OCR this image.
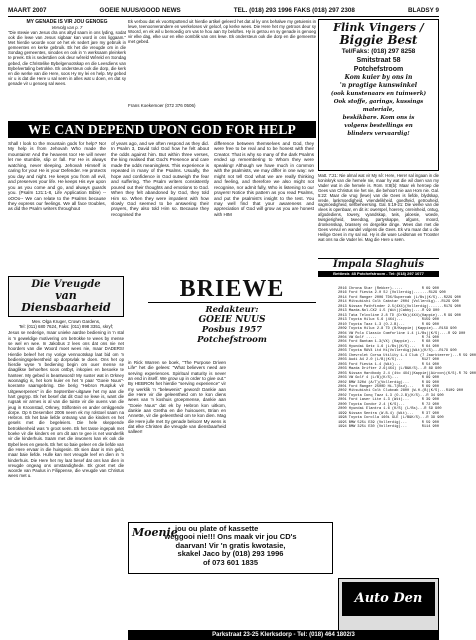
MAART 2007	GOEIE NUUS/GOOD NEWS	TEL. (018) 293 1996 FAKS (018) 297 2308	BLADSY 9
MY GENADE IS VIR JOU GENOEG
Vervolg van p. 7
"Die stewie van Jesus dra ons altyd saam in ons lyding, sodat ook die lewe van Jesus sigbaar kan word in ons liggaam." Met hierdie woorde voor oë het ek sedert jare my gebruik in gemeentes en kerke gebruik. Ek het die vreugde om in die Sondag gemeentes, sinodes en ook in 'n werksaam pleinkerk te preek. Ek is sedertdien ook deur wêreld Wêreld en Sondag gebed, die Christelike Bybelgenootskap en die Leesdiens van Bybelvertaling betrokke. Ek ondersteun ook die dorp, die kerk en die werke van die Here, soos Hy my lei en help. My gebed vir u is dat die Here u sal seën in alles wat u doen, en dat sy genade vir u genoeg sal wees.
Ek verbou dat ek voortsputtend uit hierdie artikel geleerd het dat al ky ons behalwe my getuienis in lewe, teenoorverandere en werkeloses vir geloof, op kerke wees. Die Here het my getroos deur sy Woord, en ek wil u bemoedig om vas te hou aan Sy beloftes. Hy is getrou en sy genade is genoeg vir elke dag, elke uur en elke oomblik van ons lewe. Ek ondersteun ook die dorp en die gemeente met gebed.
Frans Koekemoer (072 376 0506)
Flink Vingers /
Biggie Best
Tel/Faks: (018) 297 8258
Smitstraat 58
Potchefstroom
Kom kuier by ons in
'n pragtige kunswinkel
(ook kunstenaars en tuinwerk)
Ook stoffe, garings, kussings
materiale,
beskikbare. Kom ons is
volgens bestellings en
blinders vervaardig!
WE CAN DEPEND UPON GOD FOR HELP
Shall I look to the mountain gods for help? No! My help is from Jehovah Who made the mountains! And the heavens too! He will never let me stumble, slip or fall. For He is always watching, never sleeping. Jehovah Himself is caring for you! He is your Defender. He protects you day and night. He keeps you from all evil, and preserves your life. He keeps His eye upon you as you come and go, and always guards you. (Psalm 121:1-8, Life Application Bible) --oOOo-- We can relate to the Psalms because they express our feelings. We all face troubles, as did the Psalm writers throughout
of years ago, and we often respond as they did. In Psalm 3, David told God how he felt about the odds against him. But within three verses, the king realised that God's Presence and care made the odds meaningless. This experience is repeated in many of the Psalms. Usually, the hope and confidence in God outweigh the fear and suffering. The Psalm writers consistently poured out their thoughts and emotions to God. When they felt abandoned by God, they told Him so. When they were impatient with how slowly God seemed to be answering their prayers, they also told Him so. Because they recognised the
difference between themselves and God, they were free to be real and to be honest with their Creator. That is why so many of the dark Psalms ended up remembering to Whom they were speaking! Although we have much in common with the psalmists, we may differ in one way: we might not tell God what we are really thinking and feeling, and therefore we also might not recognise, nor admit fully, Who is listening to our prayers! Notice this pattern as you read Psalms, and put the psalmist's insight to the test. You may well find that your awareness and appreciation of God will grow as you are honest with HIM
Matt. 7:21: Nie almal wat vir My sê: Here, Here! sal ingaan in die koninkryk van die hemele nie, maar hy wat die wil doen van my Vader wat in die hemele is. Rom. 8:8(b): Maar ek herroep die Gees van Christus nie het nie, die behoort nie aan Hom nie. Gal. 5:22: Maar die vrug (lewe) van die Gees is liefde, blydskap, vrede, lankmoedigheid, vriendelikheid, goedheid, getrouheid, sagmoedigheid, selfbeheersing. Gal. 5:19-21: Die werke van die vlees is openbaar, en dit is: owerspel, hoerery, onreinheid, ontug, afgodediens, towery, vyandskap, twis, jaloesie, woede, twisgierigheid, tweedrag, partyskappe, afguns, moord, dronkenskap, brassery en dergelike dinge. Wees dan met die Gees vervul en wandel volgens die Gees. Ek vra maar dat u die Heilige Gees in my sal vul. Hy is die ware Leidsman en Trooster wat ons na die Vader lei. Mag die Here u seën.
Impala Slaghuis
Bettiestr. 48 Potchefstroom - Tel: (018) 297 1077
Die Vreugde
van Diensbaarheid
Mev. Olga Kruger, Crown Gardens,
Tel: (011) 680 7624, Faks: (011) 898 3351, skryf;
Jesus se nederige, maar unieke aardse bediening in 'n stal is 'n geweldige motivering om betrokke te wees by mense se wel en wee. In Jakobus 2 lees ons dat ons nie net hoorders van die Woord moet wees nie, maar DADERS! Hierdie beleef het my vorige vennootskap laat bid om 'n bedieningsgeleentheid op dorpsvlak te doen. Ons het op hierdie wyse 'n bediening begin om ouer mense se daaglikse behoeftes soos ontbyt, inkopies en besoeke te hanteer. My gebed is beantwoord! My suster wat in Orkney woonagtig is, het kom kuier en het 'n paar "Goeie Nuus"-koerante saamgebring. Die berig "Hebron Ruspluk vir Uitgewerpenes" in die September-uitgawe het my aan die hart gegryp. Ek het besef dat dit God se lewe is, want die rugsak vir armes is al van die tuiste vir die ouens van die jeug in Kroonstad, Orkney, Stilfontein en ander omliggende dorpe. Op 6 Desember 2006 neem ek my rolstoel saam na Hebron. Ek het baie liefde ontvang van die kinders en het gesels met die begeleiers. Die hele skeppende betrokkenheid was 'n groot seën. Ek het tasse ingepak met boeke vir die kinders en om dit aan te gee is net wonderlik vir die kinderhuis. Saam met die inwoners kan ek ook die Bybel lees en gesels. Ek het so baie geleer en die liefde van die Here ervaar in die huisgesin. Ek sien daar is min geld, maar baie liefde. Hulle kan met vreugde leef en dien in 'n kinderhuis. Die Here het my laat besef dat ons kan dien in vreugde ongeag ons omstandighede. Ek groet met die woorde van Paulus in Filippense, die vreugde van Christus wees met u.
in Rick Warren se boek, "The Purpose Driven Life" het die gelees: "What believers need are serving experiences. Spiritual maturity is never an end in itself. We grow up in order to give out." By HEBRON het hierdie "serving experience" vir my werklik 'n "belewenis" geword! Dankie aan die Here vir die geleentheid om te kon diens wees van 'n koshuis groepmense, dankie aan "Goeie Nuus" dat ek by Hebron kon uitkom, dankie aan Gretha en die huisouers, Brian en Annette, vir die geleentheid om te kon dien. Mag die Here julle met Sy genade beloon! My wens is dat elke Christen die vreugde van diensbaarheid salleer!
BRIEWE
Redakteur:
GOEIE NUUS
Posbus 1957
Potchefstroom
Moenie
jou ou plate of kassette
weggooi nie!!! Ons maak vir jou CD's
daarvan! Vir 'n gratis kwotasie,
skakel Jaco by (018) 293 1996
of 073 601 1835
2016 Chrona Star (Rekker).....	R 69 900
2016 Ford Fiesta 2.0 SJ (Vollerdig)....... R129 900
2014 Ford Ranger 2006 TDX/Supercab (L/Bs)(K/S)... R229 900
2014 Mitsubishi Colt Cabstar 2004 (Vollerdig)... R129 900
2013 Nissan Pathfinder 2.5(4X4)(Vollerdig)....... R179 900
2013 Mazda-Nol-CX2 1.5 (Wit)(Cabby).... R 99 900
2013 Tata Telcoline 2.8 TD (D/Kb)(4X4)(Kappie)... R 99 900
2013 Toyota Hilux 5.6 (4X4)...	R159 900
2010 Toyota Tazz 1.3 (O.J.B)...	R 69 900
2009 Toyota Hilux 2.8 TD (B/Kappie) (Kappie)... R159 900
2004 VW Polo Classic Comforline 1.4 (L/Bs)(K/S).... R 99 900
2004 VW Golf .....	R 74 900
2004 Ford Bantam 1.3(VX) (Kappie)... R 68 900
2003 Hyundai Getz 1.6 (L/Bs)(K/S)... R 64 900
2003 Toyota RAV4 Ltd Hi(Vollerdig)(Wit)(K/S)... R179 900
2003 Chevrolet Corsa Utility 1.4 Club (7 Jaarkteerer)... R 59 900
2003 Audi A4 2.0 (L/B)(K/S)...	R127 900
2003 Ford Fiesta 1.4 (Wit)...	R 54 900
2003 Mazda Drifter 2.6(4X4) (L/B&K/S)... R 89 900
2003 Nissan Hardbody 2.4 (4to 4X4)(Kappie)(Aircon)(K/S). R 79 900
2003 VW Golf 4 (L/B)(K/S)...	R 89 900
2002 BMW 320d (A/T)(Vollerdig)...	R 99 900
2001 Ford Ranger 2500D Hi-T(Bsd)... R 69 900
2002 Mitsubishi Colt Clubcab 2800 (W.H.(B)(K/S)... R109 900
2002 Toyota Conq Tazz 1.3 (O.J.B)(K/S)... R 34 900
2001 Ford Laser Lite 1.3 (Wit)...	R 39 900
2000 Toyota Condor 2.4 (K/S)...	R 72 900
2000 Hyundai Elantra 1.6 (K/S) (L/Bs)... R 59 900
1999 Nissan Sentra (W.B.4) (Wit)... R 37 900
1998 Toyota Corolla 160i GLE (L/B&K/S)... R 39 900
1995 BMW 525i E39 (Vollerdig)...	R 59 900
1994 BMW 325i E30 (Vollerdig)...	R114 900
Auto Den
Parkstraat 23-25 Klerksdorp - Tel: (018) 464 1802/3
